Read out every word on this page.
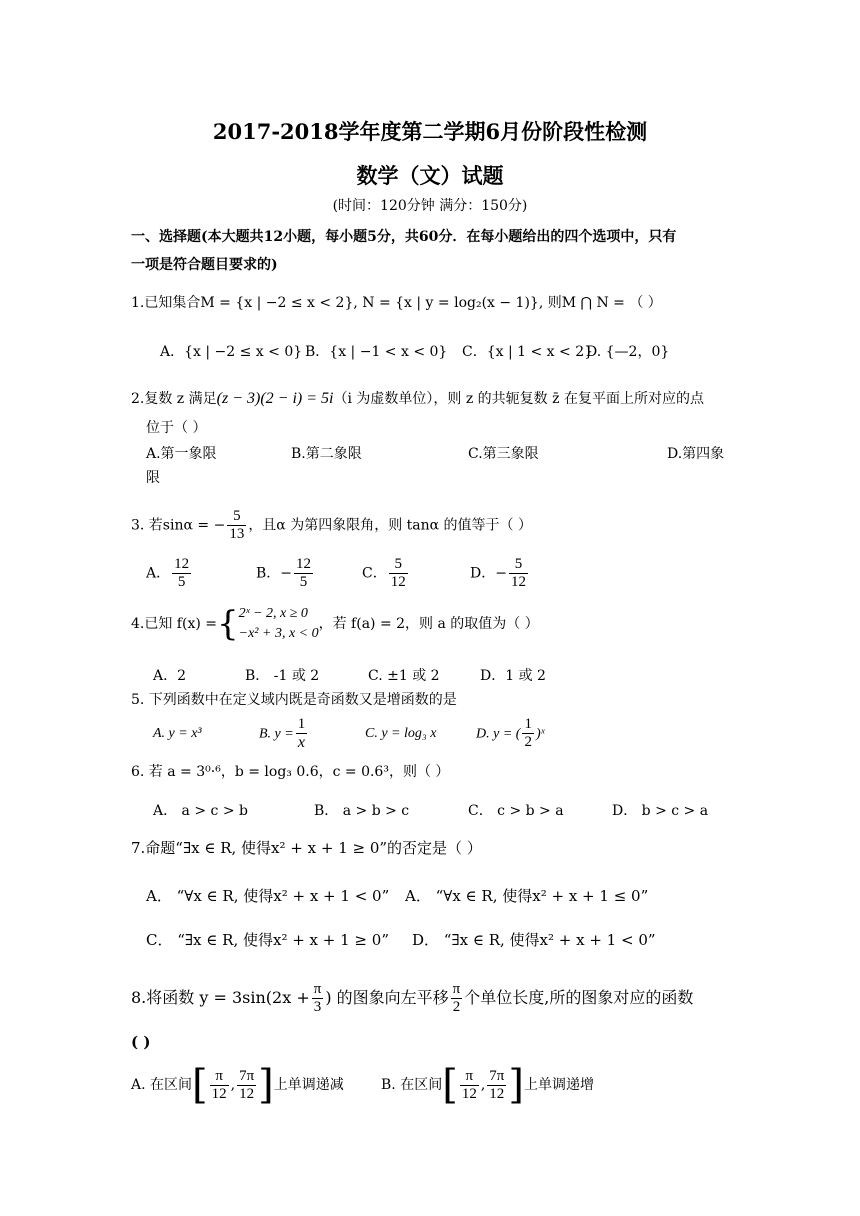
2017-2018学年度第二学期6月份阶段性检测
数学（文）试题
(时间：120分钟 满分：150分)
一、选择题(本大题共12小题，每小题5分，共60分．在每小题给出的四个选项中，只有
一项是符合题目要求的)
1.已知集合M = {x | −2 ≤ x < 2}, N = {x | y = log₂(x − 1)}, 则M ⋂ N = （ ）
A．{x | −2 ≤ x < 0} B．{x | −1 < x < 0} C．{x | 1 < x < 2}
D. {—2，0}
2.复数 z 满足(z − 3)(2 − i) = 5i（i 为虚数单位），则 z 的共轭复数 z̄ 在复平面上所对应的点
位于（ ）
A.第一象限	B.第二象限	C.第三象限	D.第四象
限
3. 若sinα = − $\frac{5}{13}$ ，且α 为第四象限角，则 tanα 的值等于（ ）
A． $\frac{12}{5}$	B．− $\frac{12}{5}$	C． $\frac{5}{12}$	D．− $\frac{5}{12}$
4.已知 f(x) ={ 2ˣ − 2, x ≥ 0
−x² + 3, x < 0
，若 f(a) = 2，则 a 的取值为（ ）
A．2	B． -1 或 2	C. ±1 或 2	D．1 或 2
5. 下列函数中在定义域内既是奇函数又是增函数的是
A. y = x³	B. $y = \frac{1}{x}$	C. y = log₃ x	D. y = ( $\frac{1}{2}$ )ˣ
6. 若 a = 3⁰·⁶，b = log₃ 0.6，c = 0.6³，则（ ）
A． a > c > b	B． a > b > c	C． c > b > a	D． b > c > a
7.命题“∃x ∈ R, 使得x² + x + 1 ≥ 0”的否定是（ ）
A． “∀x ∈ R, 使得x² + x + 1 < 0” A． “∀x ∈ R, 使得x² + x + 1 ≤ 0”
C． “∃x ∈ R, 使得x² + x + 1 ≥ 0” D． “∃x ∈ R, 使得x² + x + 1 < 0”
8.将函数 $y = 3\sin(2x + \frac{\pi}{3}$ ) 的图象向左平移 $\frac{\pi}{2}$ 个单位长度,所的图象对应的函数
( )
A. 在区间[ $\frac{\pi}{12}$ , $\frac{7\pi}{12}$ ]上单调递减	B. 在区间[ $\frac{\pi}{12}$ , $\frac{7\pi}{12}$ ]上单调递增
